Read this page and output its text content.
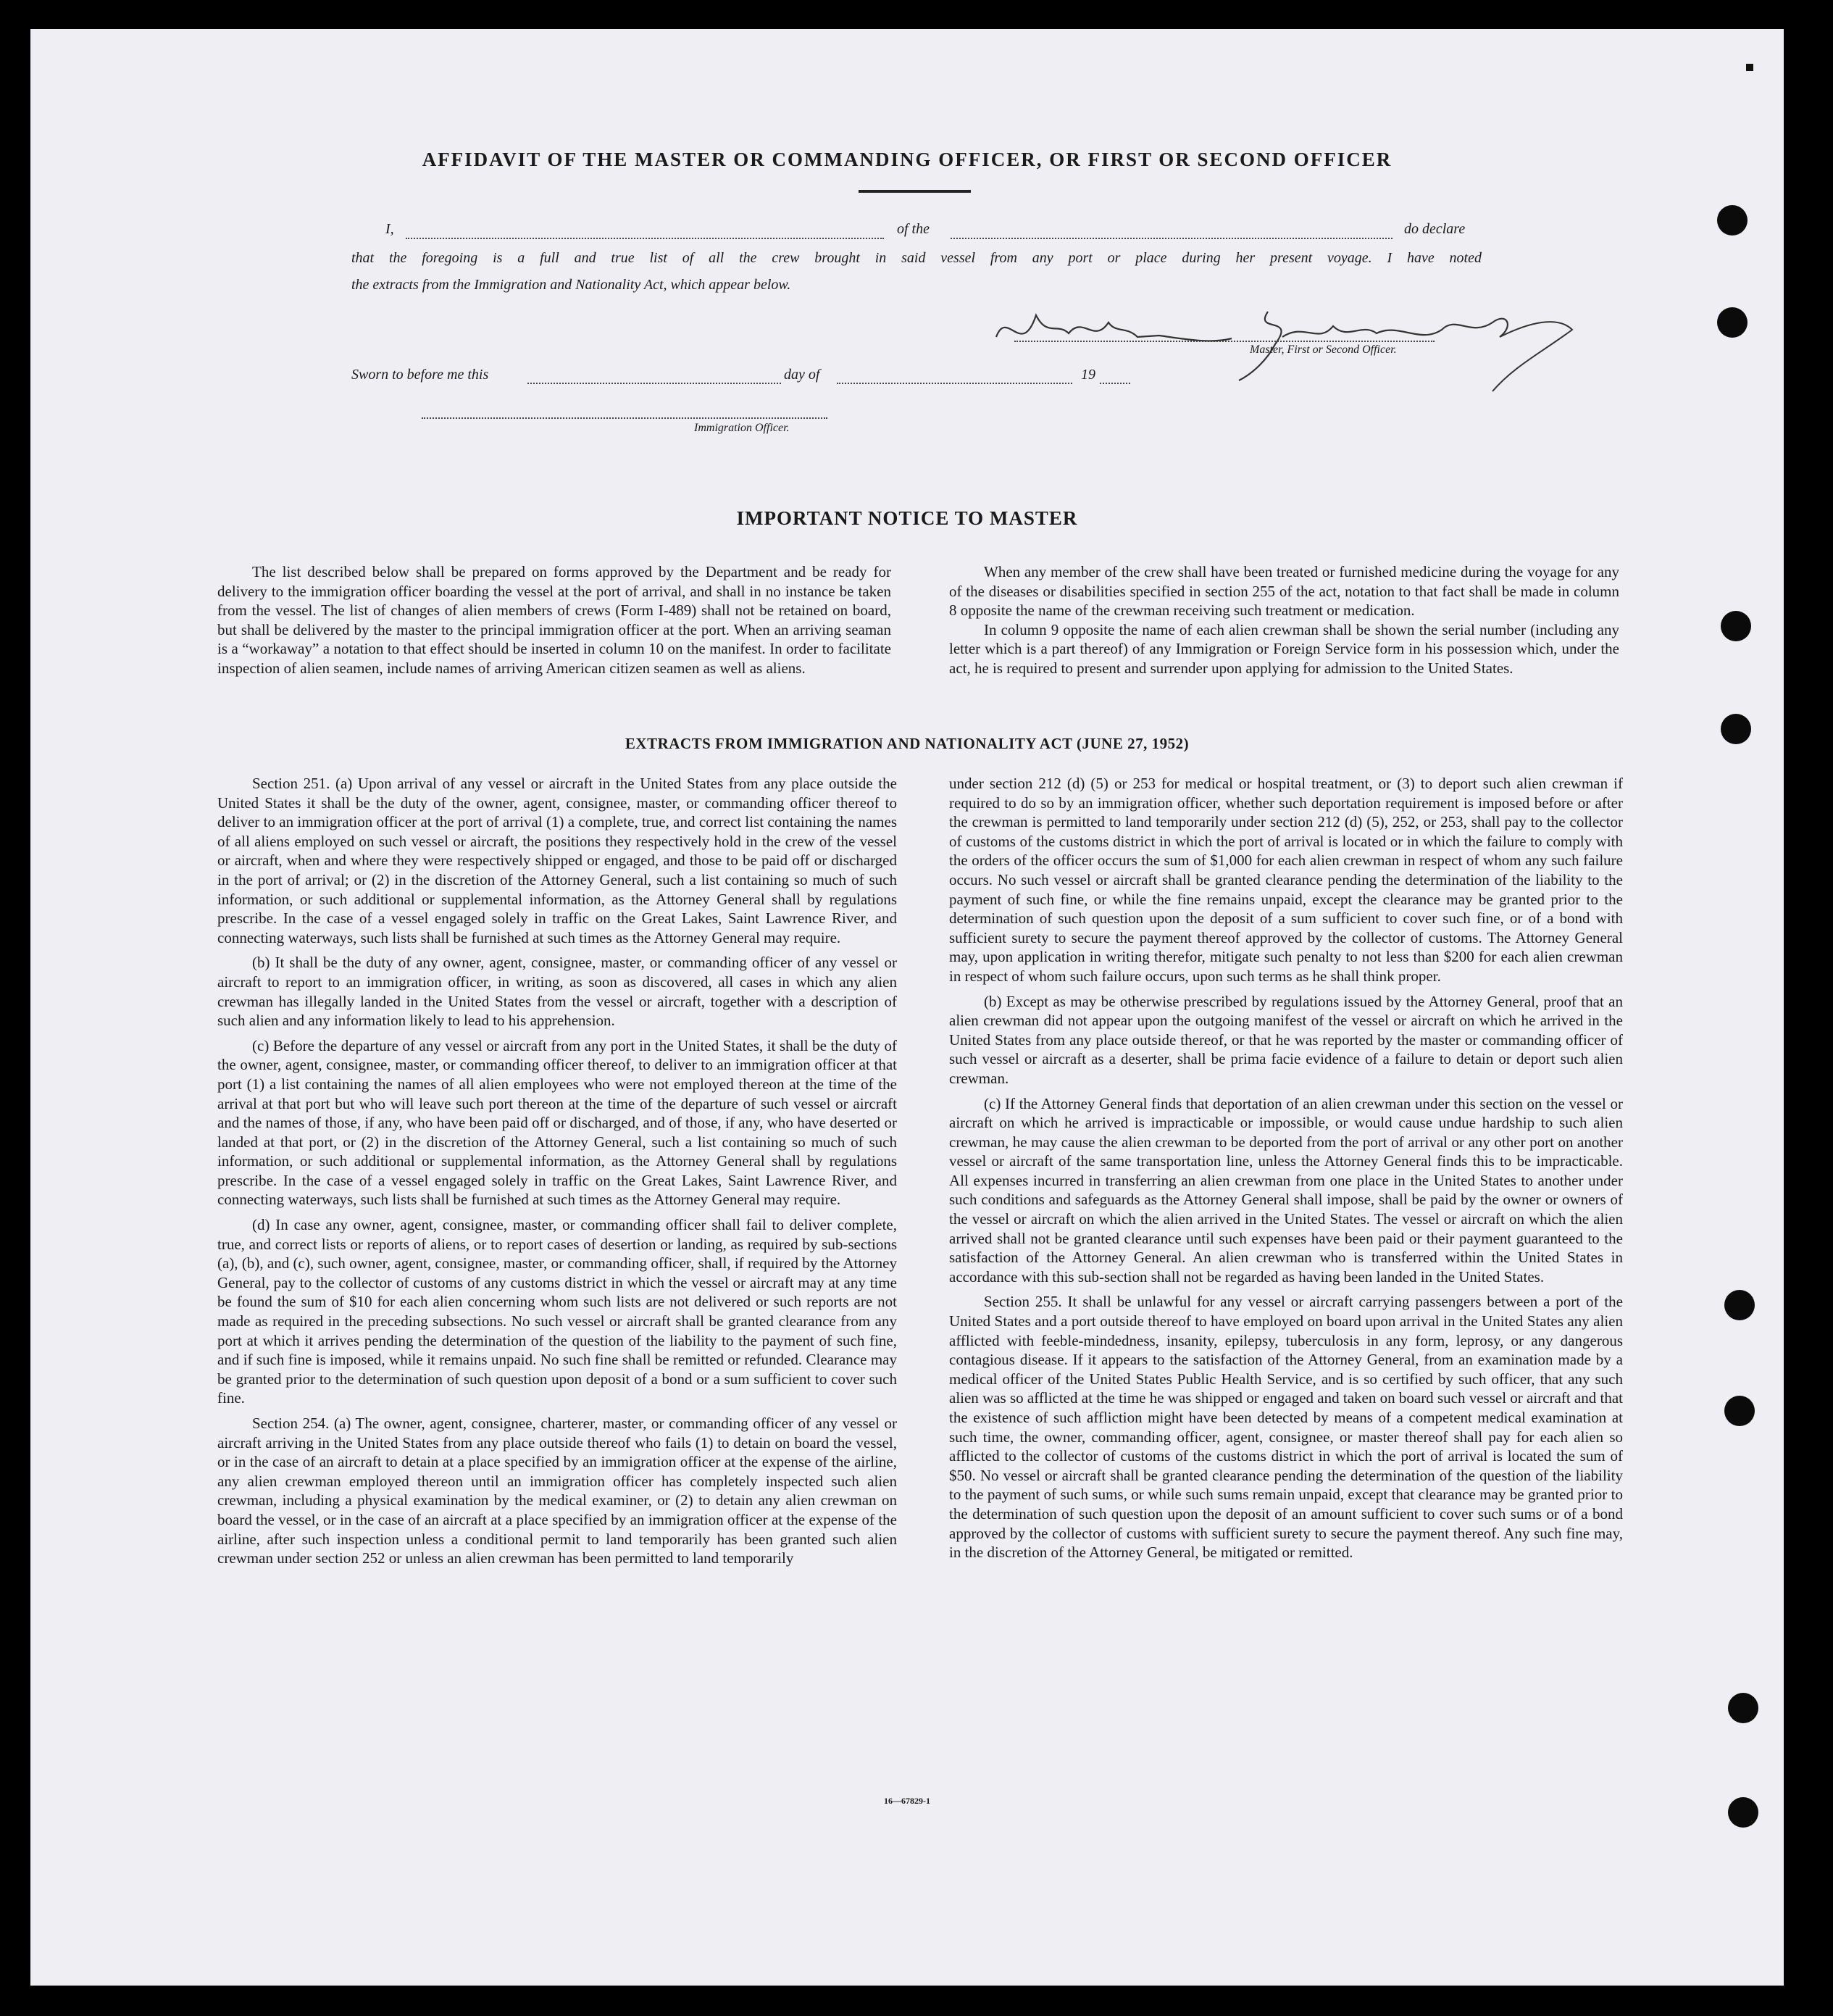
AFFIDAVIT OF THE MASTER OR COMMANDING OFFICER, OR FIRST OR SECOND OFFICER
I,	of the	do declare
that the foregoing is a full and true list of all the crew brought in said vessel from any port or place during her present voyage. I have noted
the extracts from the Immigration and Nationality Act, which appear below.
Master, First or Second Officer.
Sworn to before me this	day of	19
Immigration Officer.
IMPORTANT NOTICE TO MASTER

The list described below shall be prepared on forms approved by the Department and be ready for delivery to the immigration officer boarding the vessel at the port of arrival, and shall in no instance be taken from the vessel. The list of changes of alien members of crews (Form I-489) shall not be retained on board, but shall be delivered by the master to the principal immigration officer at the port. When an arriving seaman is a “workaway” a notation to that effect should be inserted in column 10 on the manifest. In order to facilitate inspection of alien seamen, include names of arriving American citizen seamen as well as aliens.

When any member of the crew shall have been treated or furnished medicine during the voyage for any of the diseases or disabilities specified in section 255 of the act, notation to that fact shall be made in column 8 opposite the name of the crewman receiving such treatment or medication.

In column 9 opposite the name of each alien crewman shall be shown the serial number (including any letter which is a part thereof) of any Immigration or Foreign Service form in his possession which, under the act, he is required to present and surrender upon applying for admission to the United States.

EXTRACTS FROM IMMIGRATION AND NATIONALITY ACT (JUNE 27, 1952)

Section 251. (a) Upon arrival of any vessel or aircraft in the United States from any place outside the United States it shall be the duty of the owner, agent, consignee, master, or commanding officer thereof to deliver to an immigration officer at the port of arrival (1) a complete, true, and correct list containing the names of all aliens employed on such vessel or aircraft, the positions they respectively hold in the crew of the vessel or aircraft, when and where they were respectively shipped or engaged, and those to be paid off or discharged in the port of arrival; or (2) in the discretion of the Attorney General, such a list containing so much of such information, or such additional or supplemental information, as the Attorney General shall by regulations prescribe. In the case of a vessel engaged solely in traffic on the Great Lakes, Saint Lawrence River, and connecting waterways, such lists shall be furnished at such times as the Attorney General may require.

(b) It shall be the duty of any owner, agent, consignee, master, or commanding officer of any vessel or aircraft to report to an immigration officer, in writing, as soon as discovered, all cases in which any alien crewman has illegally landed in the United States from the vessel or aircraft, together with a description of such alien and any information likely to lead to his apprehension.

(c) Before the departure of any vessel or aircraft from any port in the United States, it shall be the duty of the owner, agent, consignee, master, or commanding officer thereof, to deliver to an immigration officer at that port (1) a list containing the names of all alien employees who were not employed thereon at the time of the arrival at that port but who will leave such port thereon at the time of the departure of such vessel or aircraft and the names of those, if any, who have been paid off or discharged, and of those, if any, who have deserted or landed at that port, or (2) in the discretion of the Attorney General, such a list containing so much of such information, or such additional or supplemental information, as the Attorney General shall by regulations prescribe. In the case of a vessel engaged solely in traffic on the Great Lakes, Saint Lawrence River, and connecting waterways, such lists shall be furnished at such times as the Attorney General may require.

(d) In case any owner, agent, consignee, master, or commanding officer shall fail to deliver complete, true, and correct lists or reports of aliens, or to report cases of desertion or landing, as required by sub-sections (a), (b), and (c), such owner, agent, consignee, master, or commanding officer, shall, if required by the Attorney General, pay to the collector of customs of any customs district in which the vessel or aircraft may at any time be found the sum of $10 for each alien concerning whom such lists are not delivered or such reports are not made as required in the preceding subsections. No such vessel or aircraft shall be granted clearance from any port at which it arrives pending the determination of the question of the liability to the payment of such fine, and if such fine is imposed, while it remains unpaid. No such fine shall be remitted or refunded. Clearance may be granted prior to the determination of such question upon deposit of a bond or a sum sufficient to cover such fine.

Section 254. (a) The owner, agent, consignee, charterer, master, or commanding officer of any vessel or aircraft arriving in the United States from any place outside thereof who fails (1) to detain on board the vessel, or in the case of an aircraft to detain at a place specified by an immigration officer at the expense of the airline, any alien crewman employed thereon until an immigration officer has completely inspected such alien crewman, including a physical examination by the medical examiner, or (2) to detain any alien crewman on board the vessel, or in the case of an aircraft at a place specified by an immigration officer at the expense of the airline, after such inspection unless a conditional permit to land temporarily has been granted such alien crewman under section 252 or unless an alien crewman has been permitted to land temporarily

under section 212 (d) (5) or 253 for medical or hospital treatment, or (3) to deport such alien crewman if required to do so by an immigration officer, whether such deportation requirement is imposed before or after the crewman is permitted to land temporarily under section 212 (d) (5), 252, or 253, shall pay to the collector of customs of the customs district in which the port of arrival is located or in which the failure to comply with the orders of the officer occurs the sum of $1,000 for each alien crewman in respect of whom any such failure occurs. No such vessel or aircraft shall be granted clearance pending the determination of the liability to the payment of such fine, or while the fine remains unpaid, except the clearance may be granted prior to the determination of such question upon the deposit of a sum sufficient to cover such fine, or of a bond with sufficient surety to secure the payment thereof approved by the collector of customs. The Attorney General may, upon application in writing therefor, mitigate such penalty to not less than $200 for each alien crewman in respect of whom such failure occurs, upon such terms as he shall think proper.

(b) Except as may be otherwise prescribed by regulations issued by the Attorney General, proof that an alien crewman did not appear upon the outgoing manifest of the vessel or aircraft on which he arrived in the United States from any place outside thereof, or that he was reported by the master or commanding officer of such vessel or aircraft as a deserter, shall be prima facie evidence of a failure to detain or deport such alien crewman.

(c) If the Attorney General finds that deportation of an alien crewman under this section on the vessel or aircraft on which he arrived is impracticable or impossible, or would cause undue hardship to such alien crewman, he may cause the alien crewman to be deported from the port of arrival or any other port on another vessel or aircraft of the same transportation line, unless the Attorney General finds this to be impracticable. All expenses incurred in transferring an alien crewman from one place in the United States to another under such conditions and safeguards as the Attorney General shall impose, shall be paid by the owner or owners of the vessel or aircraft on which the alien arrived in the United States. The vessel or aircraft on which the alien arrived shall not be granted clearance until such expenses have been paid or their payment guaranteed to the satisfaction of the Attorney General. An alien crewman who is transferred within the United States in accordance with this sub-section shall not be regarded as having been landed in the United States.

Section 255. It shall be unlawful for any vessel or aircraft carrying passengers between a port of the United States and a port outside thereof to have employed on board upon arrival in the United States any alien afflicted with feeble-mindedness, insanity, epilepsy, tuberculosis in any form, leprosy, or any dangerous contagious disease. If it appears to the satisfaction of the Attorney General, from an examination made by a medical officer of the United States Public Health Service, and is so certified by such officer, that any such alien was so afflicted at the time he was shipped or engaged and taken on board such vessel or aircraft and that the existence of such affliction might have been detected by means of a competent medical examination at such time, the owner, commanding officer, agent, consignee, or master thereof shall pay for each alien so afflicted to the collector of customs of the customs district in which the port of arrival is located the sum of $50. No vessel or aircraft shall be granted clearance pending the determination of the question of the liability to the payment of such sums, or while such sums remain unpaid, except that clearance may be granted prior to the determination of such question upon the deposit of an amount sufficient to cover such sums or of a bond approved by the collector of customs with sufficient surety to secure the payment thereof. Any such fine may, in the discretion of the Attorney General, be mitigated or remitted.

16—67829-1
